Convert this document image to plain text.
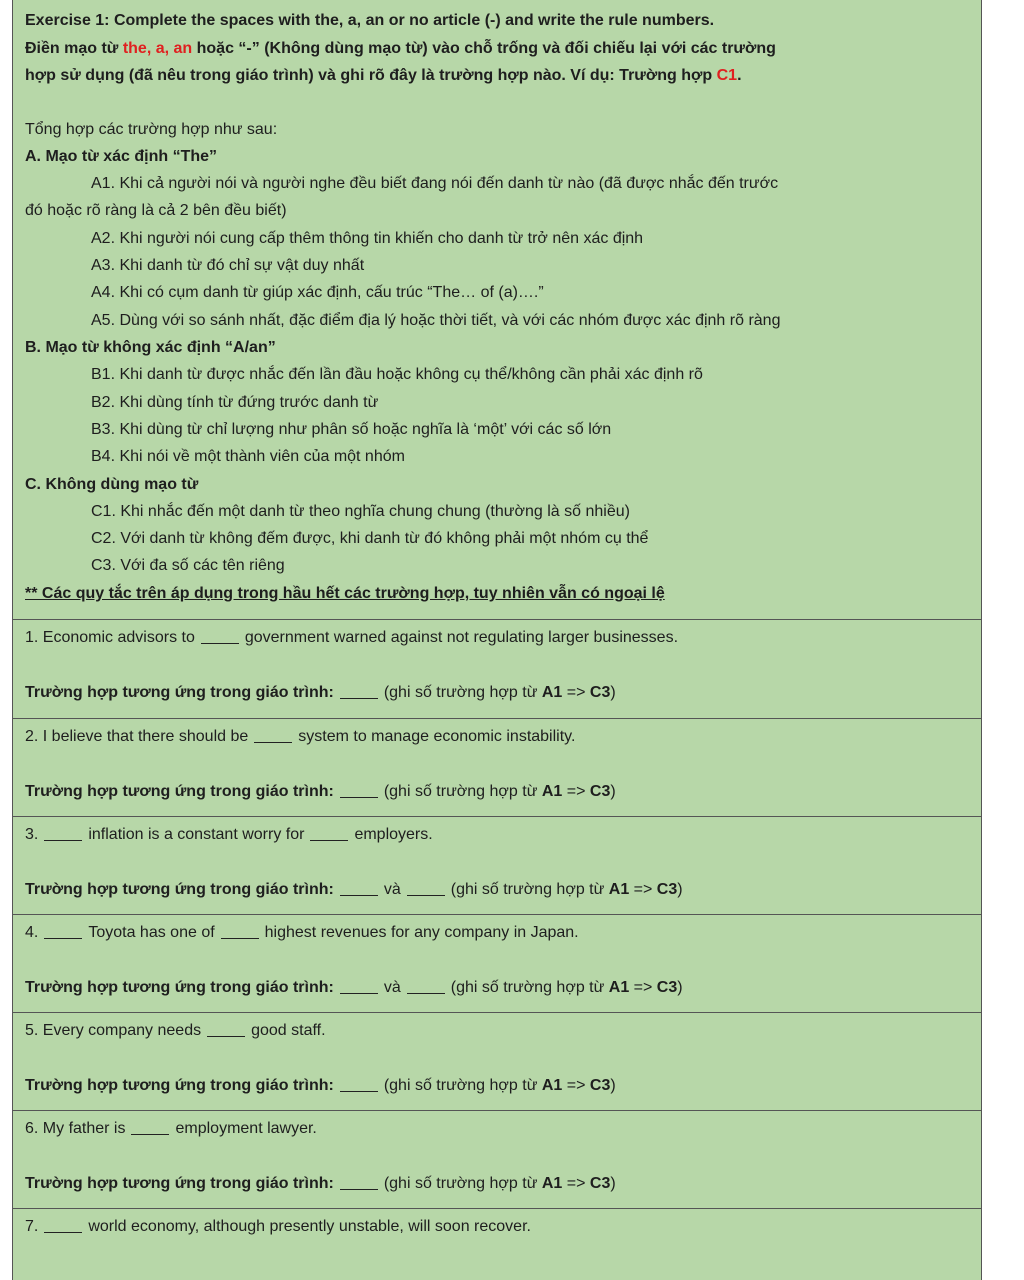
Exercise 1: Complete the spaces with the, a, an or no article (-) and write the rule numbers.
Điền mạo từ the, a, an hoặc “-” (Không dùng mạo từ) vào chỗ trống và đối chiếu lại với các trường
hợp sử dụng (đã nêu trong giáo trình) và ghi rõ đây là trường hợp nào. Ví dụ: Trường hợp C1.
Tổng hợp các trường hợp như sau:
A. Mạo từ xác định “The”
A1. Khi cả người nói và người nghe đều biết đang nói đến danh từ nào (đã được nhắc đến trước
đó hoặc rõ ràng là cả 2 bên đều biết)
A2. Khi người nói cung cấp thêm thông tin khiến cho danh từ trở nên xác định
A3. Khi danh từ đó chỉ sự vật duy nhất
A4. Khi có cụm danh từ giúp xác định, cấu trúc “The… of (a)….”
A5. Dùng với so sánh nhất, đặc điểm địa lý hoặc thời tiết, và với các nhóm được xác định rõ ràng
B. Mạo từ không xác định “A/an”
B1. Khi danh từ được nhắc đến lần đầu hoặc không cụ thể/không cần phải xác định rõ
B2. Khi dùng tính từ đứng trước danh từ
B3. Khi dùng từ chỉ lượng như phân số hoặc nghĩa là ‘một’ với các số lớn
B4. Khi nói về một thành viên của một nhóm
C. Không dùng mạo từ
C1. Khi nhắc đến một danh từ theo nghĩa chung chung (thường là số nhiều)
C2. Với danh từ không đếm được, khi danh từ đó không phải một nhóm cụ thể
C3. Với đa số các tên riêng
** Các quy tắc trên áp dụng trong hầu hết các trường hợp, tuy nhiên vẫn có ngoại lệ
1. Economic advisors to	government warned against not regulating larger businesses.
Trường hợp tương ứng trong giáo trình:	(ghi số trường hợp từ A1 => C3)
2. I believe that there should be	system to manage economic instability.
Trường hợp tương ứng trong giáo trình:	(ghi số trường hợp từ A1 => C3)
3.	inflation is a constant worry for	employers.
Trường hợp tương ứng trong giáo trình:	và	(ghi số trường hợp từ A1 => C3)
4.	Toyota has one of	highest revenues for any company in Japan.
Trường hợp tương ứng trong giáo trình:	và	(ghi số trường hợp từ A1 => C3)
5. Every company needs	good staff.
Trường hợp tương ứng trong giáo trình:	(ghi số trường hợp từ A1 => C3)
6. My father is	employment lawyer.
Trường hợp tương ứng trong giáo trình:	(ghi số trường hợp từ A1 => C3)
7.	world economy, although presently unstable, will soon recover.
